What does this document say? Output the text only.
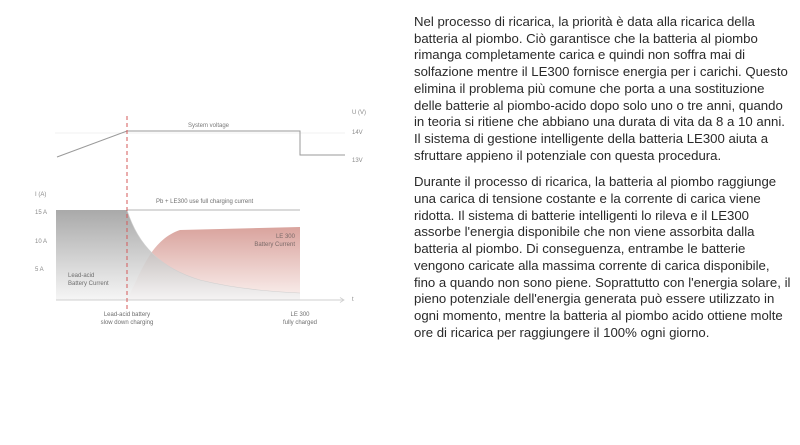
U (V)
14V
13V
System voltage
I (A)
15 A
10 A
5 A
Pb + LE300 use full charging current
LE 300
Battery Current
Lead-acid
Battery Current
t
Lead-acid battery
slow down charging
LE 300
fully charged

Nel processo di ricarica, la priorità è data alla ricarica della batteria al piombo. Ciò garantisce che la batteria al piombo rimanga completamente carica e quindi non soffra mai di solfazione mentre il LE300 fornisce energia per i carichi. Questo elimina il problema più comune che porta a una sostituzione delle batterie al piombo-acido dopo solo uno o tre anni, quando in teoria si ritiene che abbiano una durata di vita da 8 a 10 anni. Il sistema di gestione intelligente della batteria LE300 aiuta a sfruttare appieno il potenziale con questa procedura.

Durante il processo di ricarica, la batteria al piombo raggiunge una carica di tensione costante e la corrente di carica viene ridotta. Il sistema di batterie intelligenti lo rileva e il LE300 assorbe l'energia disponibile che non viene assorbita dalla batteria al piombo. Di conseguenza, entrambe le batterie vengono caricate alla massima corrente di carica disponibile, fino a quando non sono piene. Soprattutto con l'energia solare, il pieno potenziale dell'energia generata può essere utilizzato in ogni momento, mentre la batteria al piombo acido ottiene molte ore di ricarica per raggiungere il 100% ogni giorno.
